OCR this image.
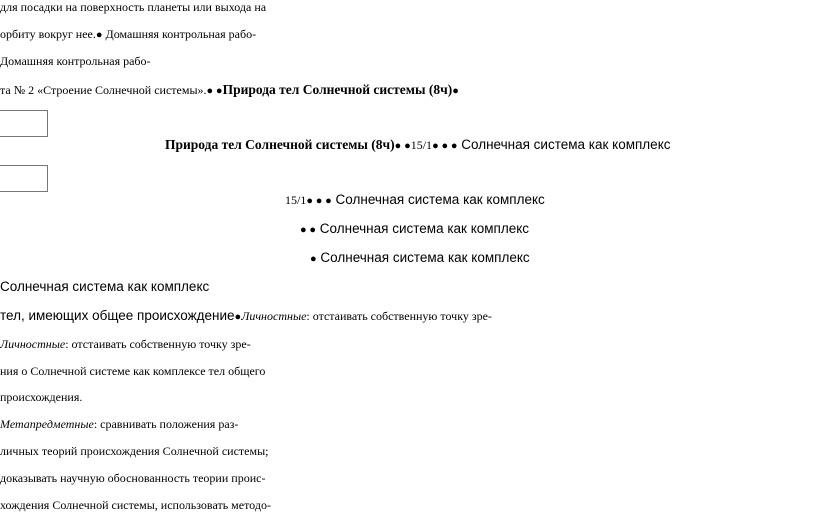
для посадки на поверхность планеты или выхода на
орбиту вокруг нее.● Домашняя контрольная рабо-
Домашняя контрольная рабо-
та № 2 «Строение Солнечной системы».● ●Природа тел Солнечной системы (8ч)●
Природа тел Солнечной системы (8ч)● ●15/1● ● ● Солнечная система как комплекс
15/1● ● ● Солнечная система как комплекс
● ● Солнечная система как комплекс
● Солнечная система как комплекс
Солнечная система как комплекс
тел, имеющих общее происхождение●Личностные: отстаивать собственную точку зре-
Личностные: отстаивать собственную точку зре-
ния о Солнечной системе как комплексе тел общего
происхождения.
Метапредметные: сравнивать положения раз-
личных теорий происхождения Солнечной системы;
доказывать научную обоснованность теории проис-
хождения Солнечной системы, использовать методо-
